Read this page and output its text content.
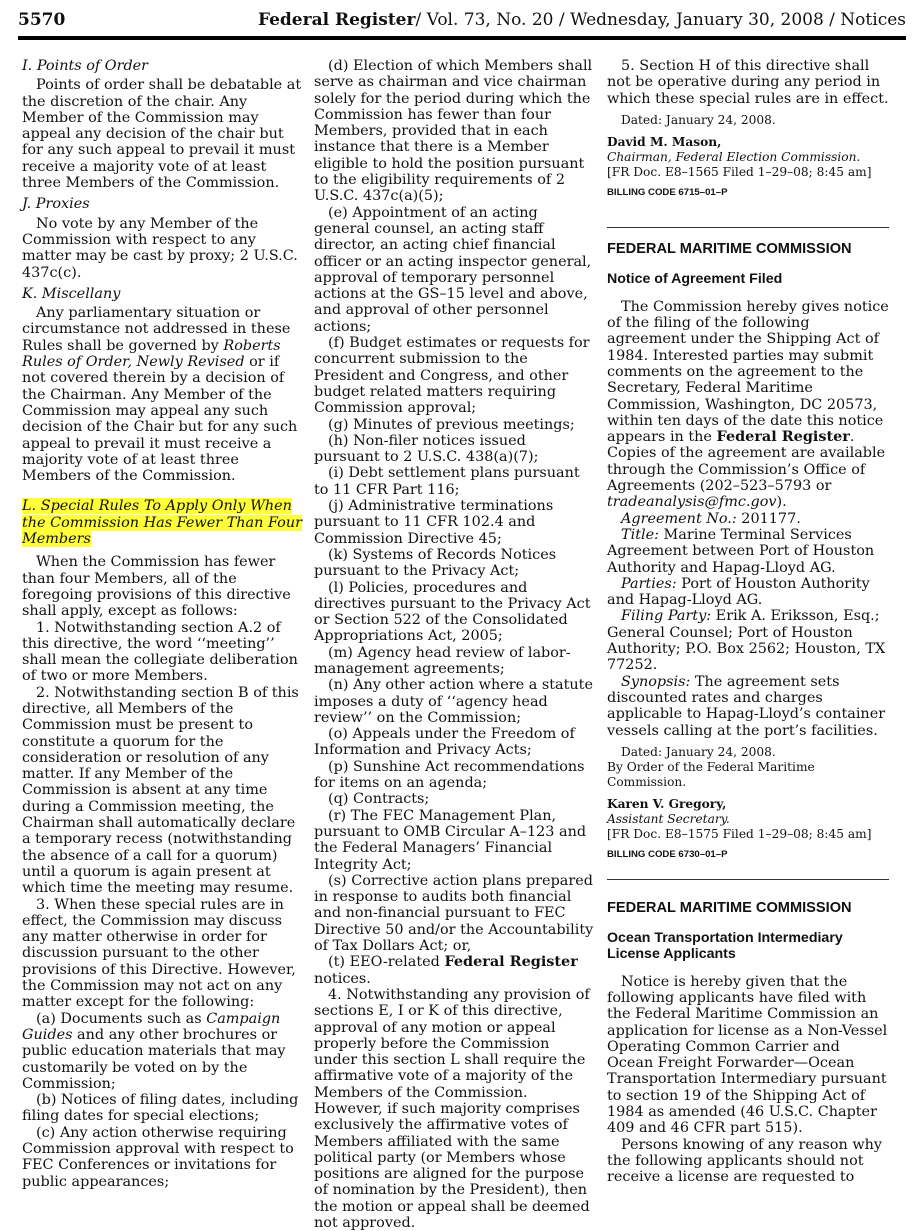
5570	Federal Register/ Vol. 73, No. 20 / Wednesday, January 30, 2008 / Notices

I. Points of Order

Points of order shall be debatable at the discretion of the chair. Any Member of the Commission may appeal any decision of the chair but for any such appeal to prevail it must receive a majority vote of at least three Members of the Commission.

J. Proxies

No vote by any Member of the Commission with respect to any matter may be cast by proxy; 2 U.S.C. 437c(c).

K. Miscellany

Any parliamentary situation or circumstance not addressed in these Rules shall be governed by Roberts Rules of Order, Newly Revised or if not covered therein by a decision of the Chairman. Any Member of the Commission may appeal any such decision of the Chair but for any such appeal to prevail it must receive a majority vote of at least three Members of the Commission.

L. Special Rules To Apply Only When the Commission Has Fewer Than Four Members

When the Commission has fewer than four Members, all of the foregoing provisions of this directive shall apply, except as follows:

1. Notwithstanding section A.2 of this directive, the word ‘‘meeting’’ shall mean the collegiate deliberation of two or more Members.

2. Notwithstanding section B of this directive, all Members of the Commission must be present to constitute a quorum for the consideration or resolution of any matter. If any Member of the Commission is absent at any time during a Commission meeting, the Chairman shall automatically declare a temporary recess (notwithstanding the absence of a call for a quorum) until a quorum is again present at which time the meeting may resume.

3. When these special rules are in effect, the Commission may discuss any matter otherwise in order for discussion pursuant to the other provisions of this Directive. However, the Commission may not act on any matter except for the following:

(a) Documents such as Campaign Guides and any other brochures or public education materials that may customarily be voted on by the Commission;

(b) Notices of filing dates, including filing dates for special elections;

(c) Any action otherwise requiring Commission approval with respect to FEC Conferences or invitations for public appearances;

(d) Election of which Members shall serve as chairman and vice chairman solely for the period during which the Commission has fewer than four Members, provided that in each instance that there is a Member eligible to hold the position pursuant to the eligibility requirements of 2 U.S.C. 437c(a)(5);

(e) Appointment of an acting general counsel, an acting staff director, an acting chief financial officer or an acting inspector general, approval of temporary personnel actions at the GS–15 level and above, and approval of other personnel actions;

(f) Budget estimates or requests for concurrent submission to the President and Congress, and other budget related matters requiring Commission approval;

(g) Minutes of previous meetings;

(h) Non-filer notices issued pursuant to 2 U.S.C. 438(a)(7);

(i) Debt settlement plans pursuant to 11 CFR Part 116;

(j) Administrative terminations pursuant to 11 CFR 102.4 and Commission Directive 45;

(k) Systems of Records Notices pursuant to the Privacy Act;

(l) Policies, procedures and directives pursuant to the Privacy Act or Section 522 of the Consolidated Appropriations Act, 2005;

(m) Agency head review of labor-management agreements;

(n) Any other action where a statute imposes a duty of ‘‘agency head review’’ on the Commission;

(o) Appeals under the Freedom of Information and Privacy Acts;

(p) Sunshine Act recommendations for items on an agenda;

(q) Contracts;

(r) The FEC Management Plan, pursuant to OMB Circular A–123 and the Federal Managers’ Financial Integrity Act;

(s) Corrective action plans prepared in response to audits both financial and non-financial pursuant to FEC Directive 50 and/or the Accountability of Tax Dollars Act; or,

(t) EEO-related Federal Register notices.

4. Notwithstanding any provision of sections E, I or K of this directive, approval of any motion or appeal properly before the Commission under this section L shall require the affirmative vote of a majority of the Members of the Commission. However, if such majority comprises exclusively the affirmative votes of Members affiliated with the same political party (or Members whose positions are aligned for the purpose of nomination by the President), then the motion or appeal shall be deemed not approved.

5. Section H of this directive shall not be operative during any period in which these special rules are in effect.

Dated: January 24, 2008.

David M. Mason,

Chairman, Federal Election Commission.

[FR Doc. E8–1565 Filed 1–29–08; 8:45 am]

BILLING CODE 6715–01–P

FEDERAL MARITIME COMMISSION

Notice of Agreement Filed

The Commission hereby gives notice of the filing of the following agreement under the Shipping Act of 1984. Interested parties may submit comments on the agreement to the Secretary, Federal Maritime Commission, Washington, DC 20573, within ten days of the date this notice appears in the Federal Register. Copies of the agreement are available through the Commission’s Office of Agreements (202–523–5793 or tradeanalysis@fmc.gov).

Agreement No.: 201177.

Title: Marine Terminal Services Agreement between Port of Houston Authority and Hapag-Lloyd AG.

Parties: Port of Houston Authority and Hapag-Lloyd AG.

Filing Party: Erik A. Eriksson, Esq.; General Counsel; Port of Houston Authority; P.O. Box 2562; Houston, TX 77252.

Synopsis: The agreement sets discounted rates and charges applicable to Hapag-Lloyd’s container vessels calling at the port’s facilities.

Dated: January 24, 2008.

By Order of the Federal Maritime Commission.

Karen V. Gregory,

Assistant Secretary.

[FR Doc. E8–1575 Filed 1–29–08; 8:45 am]

BILLING CODE 6730–01–P

FEDERAL MARITIME COMMISSION

Ocean Transportation Intermediary License Applicants

Notice is hereby given that the following applicants have filed with the Federal Maritime Commission an application for license as a Non-Vessel Operating Common Carrier and Ocean Freight Forwarder—Ocean Transportation Intermediary pursuant to section 19 of the Shipping Act of 1984 as amended (46 U.S.C. Chapter 409 and 46 CFR part 515).

Persons knowing of any reason why the following applicants should not receive a license are requested to
